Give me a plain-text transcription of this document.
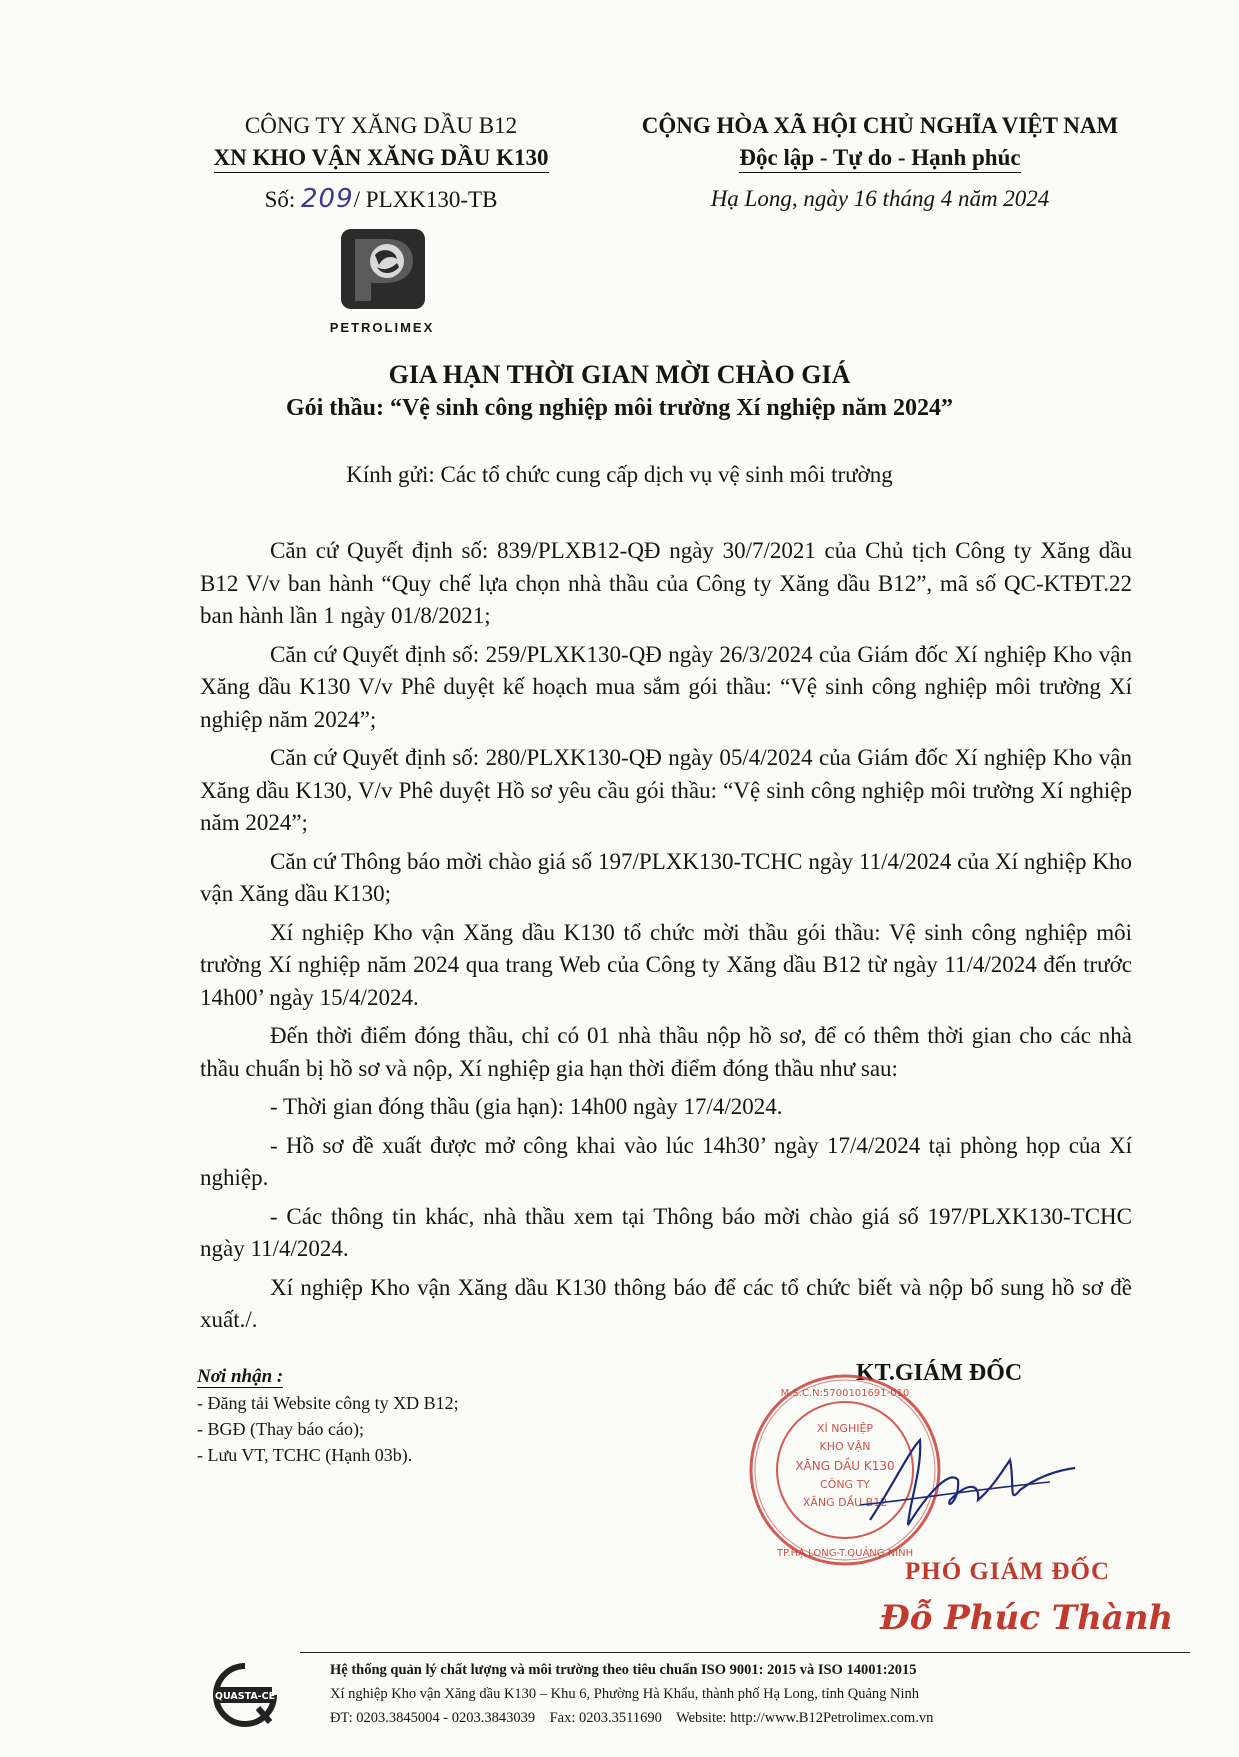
CÔNG TY XĂNG DẦU B12
XN KHO VẬN XĂNG DẦU K130
Số: 209/ PLXK130-TB
CỘNG HÒA XÃ HỘI CHỦ NGHĨA VIỆT NAM
Độc lập - Tự do - Hạnh phúc
Hạ Long, ngày 16 tháng 4 năm 2024
PETROLIMEX
GIA HẠN THỜI GIAN MỜI CHÀO GIÁ
Gói thầu: “Vệ sinh công nghiệp môi trường Xí nghiệp năm 2024”
Kính gửi: Các tổ chức cung cấp dịch vụ vệ sinh môi trường

Căn cứ Quyết định số: 839/PLXB12-QĐ ngày 30/7/2021 của Chủ tịch Công ty Xăng dầu B12 V/v ban hành “Quy chế lựa chọn nhà thầu của Công ty Xăng dầu B12”, mã số QC-KTĐT.22 ban hành lần 1 ngày 01/8/2021;

Căn cứ Quyết định số: 259/PLXK130-QĐ ngày 26/3/2024 của Giám đốc Xí nghiệp Kho vận Xăng dầu K130 V/v Phê duyệt kế hoạch mua sắm gói thầu: “Vệ sinh công nghiệp môi trường Xí nghiệp năm 2024”;

Căn cứ Quyết định số: 280/PLXK130-QĐ ngày 05/4/2024 của Giám đốc Xí nghiệp Kho vận Xăng dầu K130, V/v Phê duyệt Hồ sơ yêu cầu gói thầu: “Vệ sinh công nghiệp môi trường Xí nghiệp năm 2024”;

Căn cứ Thông báo mời chào giá số 197/PLXK130-TCHC ngày 11/4/2024 của Xí nghiệp Kho vận Xăng dầu K130;

Xí nghiệp Kho vận Xăng dầu K130 tổ chức mời thầu gói thầu: Vệ sinh công nghiệp môi trường Xí nghiệp năm 2024 qua trang Web của Công ty Xăng dầu B12 từ ngày 11/4/2024 đến trước 14h00’ ngày 15/4/2024.

Đến thời điểm đóng thầu, chỉ có 01 nhà thầu nộp hồ sơ, để có thêm thời gian cho các nhà thầu chuẩn bị hồ sơ và nộp, Xí nghiệp gia hạn thời điểm đóng thầu như sau:

- Thời gian đóng thầu (gia hạn): 14h00 ngày 17/4/2024.

- Hồ sơ đề xuất được mở công khai vào lúc 14h30’ ngày 17/4/2024 tại phòng họp của Xí nghiệp.

- Các thông tin khác, nhà thầu xem tại Thông báo mời chào giá số 197/PLXK130-TCHC ngày 11/4/2024.

Xí nghiệp Kho vận Xăng dầu K130 thông báo để các tổ chức biết và nộp bổ sung hồ sơ đề xuất./.

Nơi nhận :
- Đăng tải Website công ty XD B12;
- BGĐ (Thay báo cáo);
- Lưu VT, TCHC (Hạnh 03b).
KT.GIÁM ĐỐC
XÍ NGHIỆP
KHO VẬN
XĂNG DẦU K130
CÔNG TY
XĂNG DẦU B12
M.S.C.N:5700101691-010
TP.HẠ LONG-T.QUẢNG NINH
PHÓ GIÁM ĐỐC
Đỗ Phúc Thành
QUASTA-CE
Hệ thống quản lý chất lượng và môi trường theo tiêu chuẩn ISO 9001: 2015 và ISO 14001:2015
Xí nghiệp Kho vận Xăng dầu K130 – Khu 6, Phường Hà Khẩu, thành phố Hạ Long, tỉnh Quảng Ninh
ĐT: 0203.3845004 - 0203.3843039    Fax: 0203.3511690    Website: http://www.B12Petrolimex.com.vn
